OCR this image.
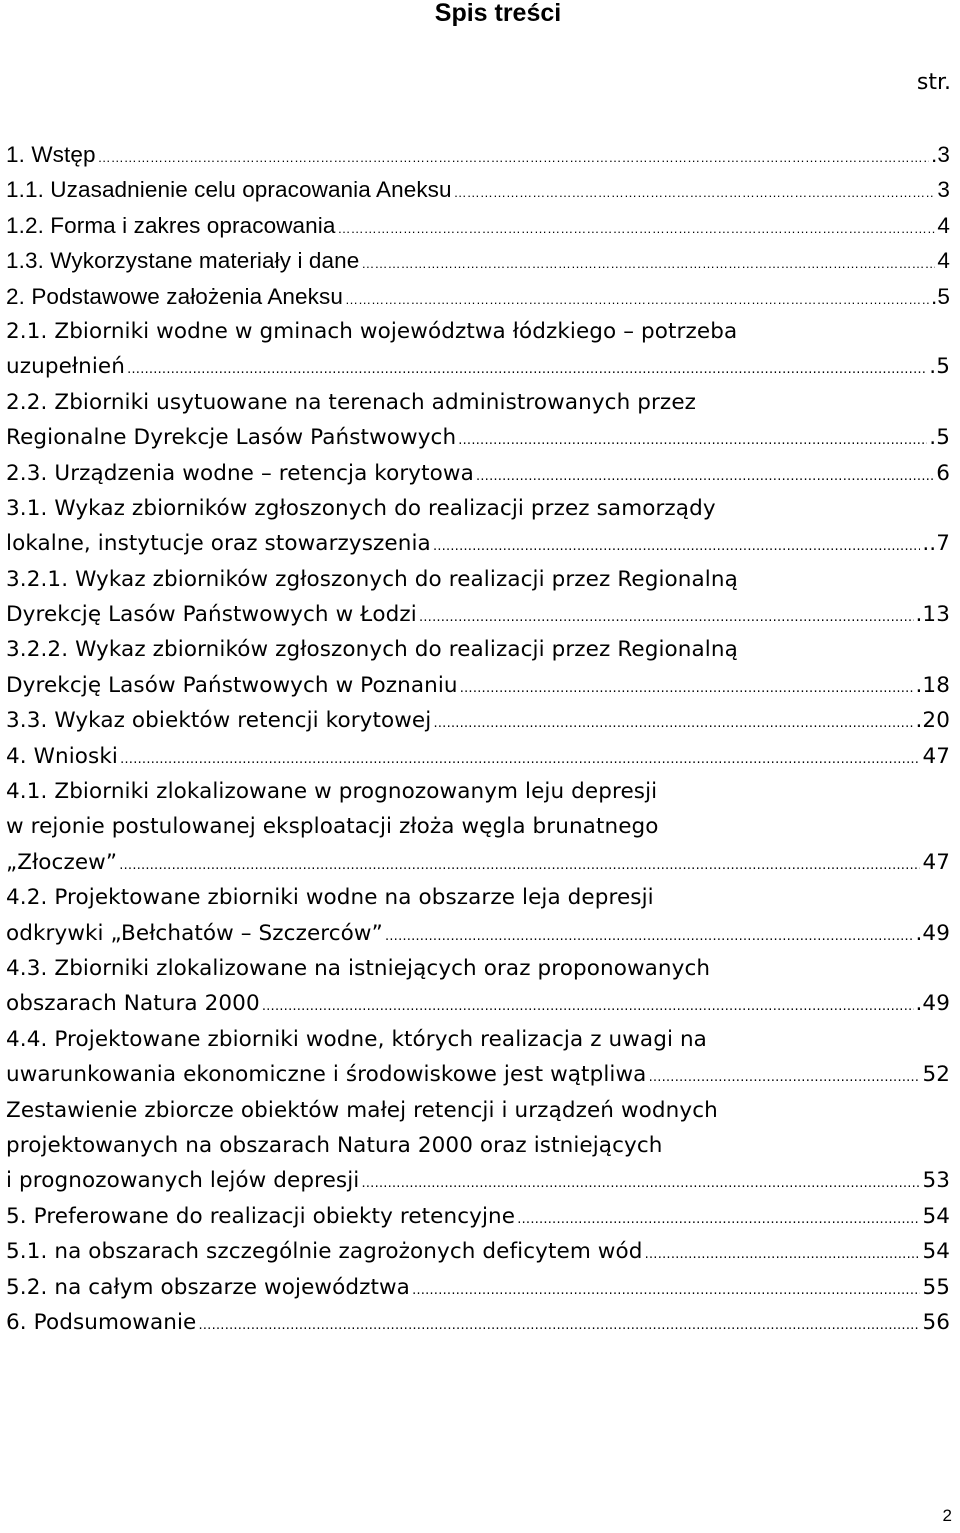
Spis treści
str.
1. Wstęp …………………………………………………………………………………………………………………………………………………………………………………………………………	.3
1.1. Uzasadnienie celu opracowania Aneksu …………………………………………………………………………………………………………………………………………………………………………………………………………	3
1.2. Forma i zakres opracowania …………………………………………………………………………………………………………………………………………………………………………………………………………	4
1.3. Wykorzystane materiały i dane …………………………………………………………………………………………………………………………………………………………………………………………………………	4
2. Podstawowe założenia Aneksu …………………………………………………………………………………………………………………………………………………………………………………………………………	.5
2.1. Zbiorniki wodne w gminach województwa łódzkiego – potrzeba
uzupełnień …………………………………………………………………………………………………………………………………………………………………………………………………………	.5
2.2. Zbiorniki usytuowane na terenach administrowanych przez
Regionalne Dyrekcje Lasów Państwowych …………………………………………………………………………………………………………………………………………………………………………………………………………	.5
2.3. Urządzenia wodne – retencja korytowa …………………………………………………………………………………………………………………………………………………………………………………………………………	6
3.1. Wykaz zbiorników zgłoszonych do realizacji przez samorządy
lokalne, instytucje oraz stowarzyszenia …………………………………………………………………………………………………………………………………………………………………………………………………………	..7
3.2.1. Wykaz zbiorników zgłoszonych do realizacji przez Regionalną
Dyrekcję Lasów Państwowych w Łodzi …………………………………………………………………………………………………………………………………………………………………………………………………………	.13
3.2.2. Wykaz zbiorników zgłoszonych do realizacji przez Regionalną
Dyrekcję Lasów Państwowych w Poznaniu …………………………………………………………………………………………………………………………………………………………………………………………………………	.18
3.3. Wykaz obiektów retencji korytowej …………………………………………………………………………………………………………………………………………………………………………………………………………	.20
4. Wnioski …………………………………………………………………………………………………………………………………………………………………………………………………………	47
4.1. Zbiorniki zlokalizowane w prognozowanym leju depresji
w rejonie postulowanej eksploatacji złoża węgla brunatnego
„Złoczew” …………………………………………………………………………………………………………………………………………………………………………………………………………	47
4.2. Projektowane zbiorniki wodne na obszarze leja depresji
odkrywki „Bełchatów – Szczerców” …………………………………………………………………………………………………………………………………………………………………………………………………………	.49
4.3. Zbiorniki zlokalizowane na istniejących oraz proponowanych
obszarach Natura 2000 …………………………………………………………………………………………………………………………………………………………………………………………………………	.49
4.4. Projektowane zbiorniki wodne, których realizacja z uwagi na
uwarunkowania ekonomiczne i środowiskowe jest wątpliwa …………………………………………………………………………………………………………………………………………………………………………………………………………	52
Zestawienie zbiorcze obiektów małej retencji i urządzeń wodnych
projektowanych na obszarach Natura 2000 oraz istniejących
i prognozowanych lejów depresji …………………………………………………………………………………………………………………………………………………………………………………………………………	53
5. Preferowane do realizacji obiekty retencyjne …………………………………………………………………………………………………………………………………………………………………………………………………………	54
5.1. na obszarach szczególnie zagrożonych deficytem wód …………………………………………………………………………………………………………………………………………………………………………………………………………	54
5.2. na całym obszarze województwa …………………………………………………………………………………………………………………………………………………………………………………………………………	55
6. Podsumowanie …………………………………………………………………………………………………………………………………………………………………………………………………………	56
2
